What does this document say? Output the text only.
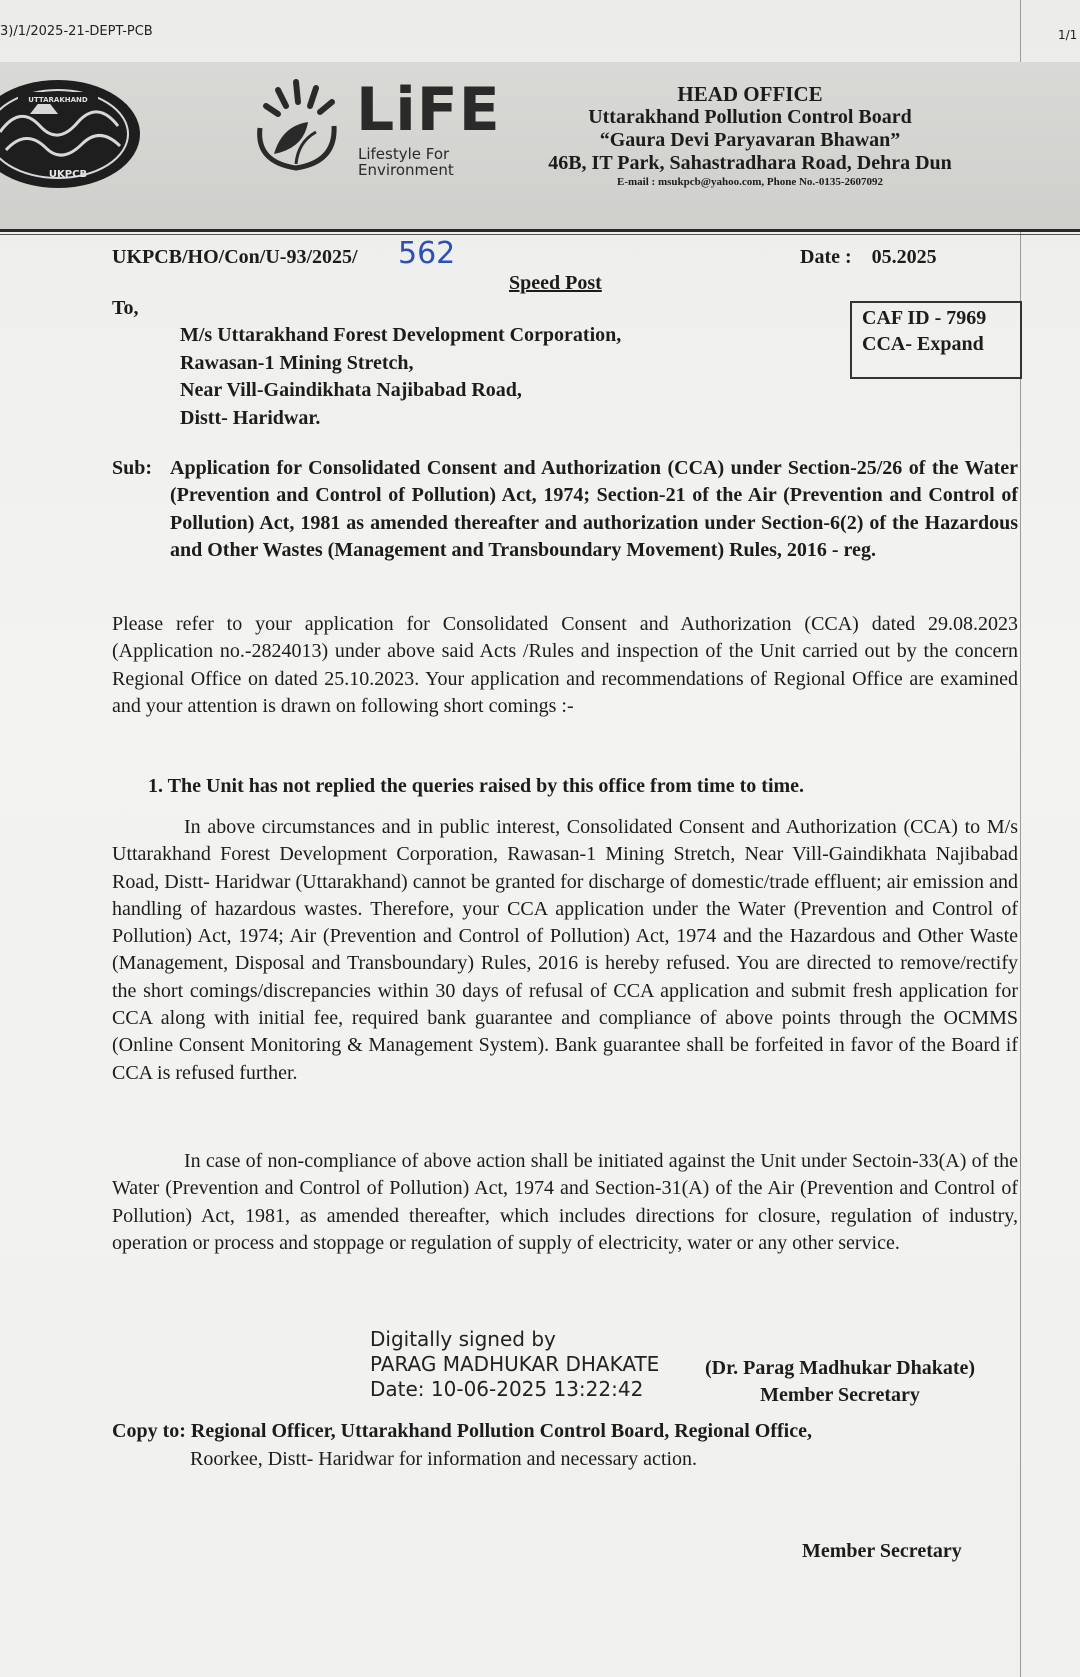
3)/1/2025-21-DEPT-PCB	1/1
UTTARAKHAND
UKPCB
LiFE
Lifestyle For Environment
HEAD OFFICE
Uttarakhand Pollution Control Board
“Gaura Devi Paryavaran Bhawan”
46B, IT Park, Sahastradhara Road, Dehra Dun
E-mail : msukpcb@yahoo.com, Phone No.-0135-2607092
UKPCB/HO/Con/U-93/2025/ 562	Date : 05.2025
Speed Post
To,	CAF ID - 7969
CCA- Expand
M/s Uttarakhand Forest Development Corporation,
Rawasan-1 Mining Stretch,
Near Vill-Gaindikhata Najibabad Road,
Distt- Haridwar.
Sub: Application for Consolidated Consent and Authorization (CCA) under Section-25/26 of the Water (Prevention and Control of Pollution) Act, 1974; Section-21 of the Air (Prevention and Control of Pollution) Act, 1981 as amended thereafter and authorization under Section-6(2) of the Hazardous and Other Wastes (Management and Transboundary Movement) Rules, 2016 - reg.
Please refer to your application for Consolidated Consent and Authorization (CCA) dated 29.08.2023 (Application no.-2824013) under above said Acts /Rules and inspection of the Unit carried out by the concern Regional Office on dated 25.10.2023. Your application and recommendations of Regional Office are examined and your attention is drawn on following short comings :-
1. The Unit has not replied the queries raised by this office from time to time.
In above circumstances and in public interest, Consolidated Consent and Authorization (CCA) to M/s Uttarakhand Forest Development Corporation, Rawasan-1 Mining Stretch, Near Vill-Gaindikhata Najibabad Road, Distt- Haridwar (Uttarakhand) cannot be granted for discharge of domestic/trade effluent; air emission and handling of hazardous wastes. Therefore, your CCA application under the Water (Prevention and Control of Pollution) Act, 1974; Air (Prevention and Control of Pollution) Act, 1974 and the Hazardous and Other Waste (Management, Disposal and Transboundary) Rules, 2016 is hereby refused. You are directed to remove/rectify the short comings/discrepancies within 30 days of refusal of CCA application and submit fresh application for CCA along with initial fee, required bank guarantee and compliance of above points through the OCMMS (Online Consent Monitoring & Management System). Bank guarantee shall be forfeited in favor of the Board if CCA is refused further.
In case of non-compliance of above action shall be initiated against the Unit under Sectoin-33(A) of the Water (Prevention and Control of Pollution) Act, 1974 and Section-31(A) of the Air (Prevention and Control of Pollution) Act, 1981, as amended thereafter, which includes directions for closure, regulation of industry, operation or process and stoppage or regulation of supply of electricity, water or any other service.
Digitally signed by
PARAG MADHUKAR DHAKATE
Date: 10-06-2025 13:22:42
(Dr. Parag Madhukar Dhakate)
Member Secretary
Copy to: Regional Officer, Uttarakhand Pollution Control Board, Regional Office,
Roorkee, Distt- Haridwar for information and necessary action.
Member Secretary
